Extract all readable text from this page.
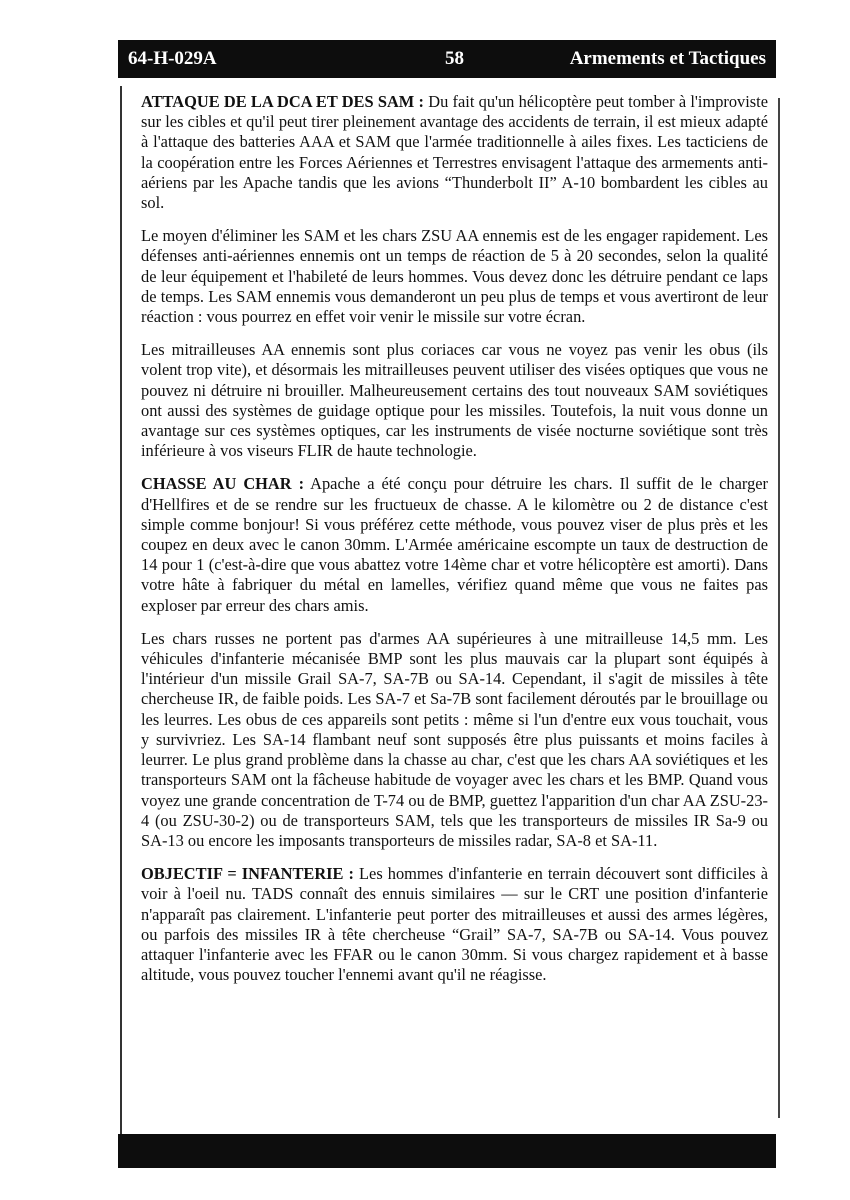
64-H-029A	58	Armements et Tactiques

ATTAQUE DE LA DCA ET DES SAM : Du fait qu'un hélicoptère peut tomber à l'improviste sur les cibles et qu'il peut tirer pleinement avantage des accidents de terrain, il est mieux adapté à l'attaque des batteries AAA et SAM que l'armée traditionnelle à ailes fixes. Les tacticiens de la coopération entre les Forces Aériennes et Terrestres envisagent l'attaque des armements anti-aériens par les Apache tandis que les avions “Thunderbolt II” A-10 bombardent les cibles au sol.

Le moyen d'éliminer les SAM et les chars ZSU AA ennemis est de les engager rapidement. Les défenses anti-aériennes ennemis ont un temps de réaction de 5 à 20 secondes, selon la qualité de leur équipement et l'habileté de leurs hommes. Vous devez donc les détruire pendant ce laps de temps. Les SAM ennemis vous demanderont un peu plus de temps et vous avertiront de leur réaction : vous pourrez en effet voir venir le missile sur votre écran.

Les mitrailleuses AA ennemis sont plus coriaces car vous ne voyez pas venir les obus (ils volent trop vite), et désormais les mitrailleuses peuvent utiliser des visées optiques que vous ne pouvez ni détruire ni brouiller. Malheureusement certains des tout nouveaux SAM soviétiques ont aussi des systèmes de guidage optique pour les missiles. Toutefois, la nuit vous donne un avantage sur ces systèmes optiques, car les instruments de visée nocturne soviétique sont très inférieure à vos viseurs FLIR de haute technologie.

CHASSE AU CHAR : Apache a été conçu pour détruire les chars. Il suffit de le charger d'Hellfires et de se rendre sur les fructueux de chasse. A le kilomètre ou 2 de distance c'est simple comme bonjour! Si vous préférez cette méthode, vous pouvez viser de plus près et les coupez en deux avec le canon 30mm. L'Armée américaine escompte un taux de destruction de 14 pour 1 (c'est-à-dire que vous abattez votre 14ème char et votre hélicoptère est amorti). Dans votre hâte à fabriquer du métal en lamelles, vérifiez quand même que vous ne faites pas exploser par erreur des chars amis.

Les chars russes ne portent pas d'armes AA supérieures à une mitrailleuse 14,5 mm. Les véhicules d'infanterie mécanisée BMP sont les plus mauvais car la plupart sont équipés à l'intérieur d'un missile Grail SA-7, SA-7B ou SA-14. Cependant, il s'agit de missiles à tête chercheuse IR, de faible poids. Les SA-7 et Sa-7B sont facilement déroutés par le brouillage ou les leurres. Les obus de ces appareils sont petits : même si l'un d'entre eux vous touchait, vous y survivriez. Les SA-14 flambant neuf sont supposés être plus puissants et moins faciles à leurrer. Le plus grand problème dans la chasse au char, c'est que les chars AA soviétiques et les transporteurs SAM ont la fâcheuse habitude de voyager avec les chars et les BMP. Quand vous voyez une grande concentration de T-74 ou de BMP, guettez l'apparition d'un char AA ZSU-23-4 (ou ZSU-30-2) ou de transporteurs SAM, tels que les transporteurs de missiles IR Sa-9 ou SA-13 ou encore les imposants transporteurs de missiles radar, SA-8 et SA-11.

OBJECTIF = INFANTERIE : Les hommes d'infanterie en terrain découvert sont difficiles à voir à l'oeil nu. TADS connaît des ennuis similaires — sur le CRT une position d'infanterie n'apparaît pas clairement. L'infanterie peut porter des mitrailleuses et aussi des armes légères, ou parfois des missiles IR à tête chercheuse “Grail” SA-7, SA-7B ou SA-14. Vous pouvez attaquer l'infanterie avec les FFAR ou le canon 30mm. Si vous chargez rapidement et à basse altitude, vous pouvez toucher l'ennemi avant qu'il ne réagisse.
